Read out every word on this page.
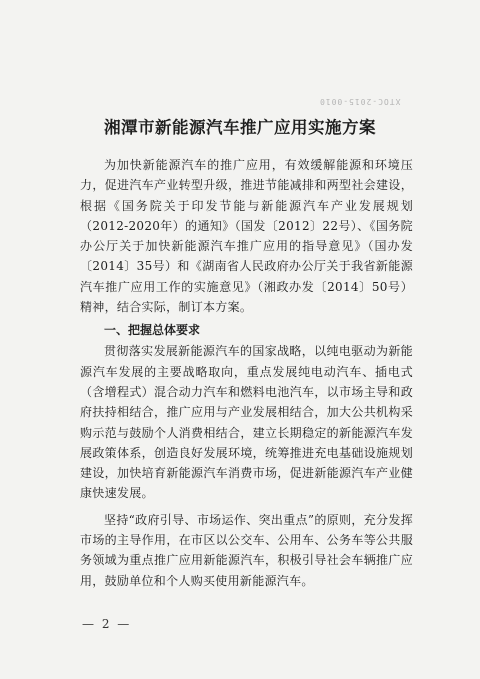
XTOC-2015-0010
湘潭市新能源汽车推广应用实施方案

为加快新能源汽车的推广应用，有效缓解能源和环境压力，促进汽车产业转型升级，推进节能减排和两型社会建设，根据《国务院关于印发节能与新能源汽车产业发展规划（2012-2020年）的通知》（国发〔2012〕22号）、《国务院办公厅关于加快新能源汽车推广应用的指导意见》（国办发〔2014〕35号）和《湖南省人民政府办公厅关于我省新能源汽车推广应用工作的实施意见》（湘政办发〔2014〕50号）精神，结合实际，制订本方案。

一、把握总体要求

贯彻落实发展新能源汽车的国家战略，以纯电驱动为新能源汽车发展的主要战略取向，重点发展纯电动汽车、插电式（含增程式）混合动力汽车和燃料电池汽车，以市场主导和政府扶持相结合，推广应用与产业发展相结合，加大公共机构采购示范与鼓励个人消费相结合，建立长期稳定的新能源汽车发展政策体系，创造良好发展环境，统筹推进充电基础设施规划建设，加快培育新能源汽车消费市场，促进新能源汽车产业健康快速发展。

坚持“政府引导、市场运作、突出重点”的原则，充分发挥市场的主导作用，在市区以公交车、公用车、公务车等公共服务领域为重点推广应用新能源汽车，积极引导社会车辆推广应用，鼓励单位和个人购买使用新能源汽车。

— 2 —
